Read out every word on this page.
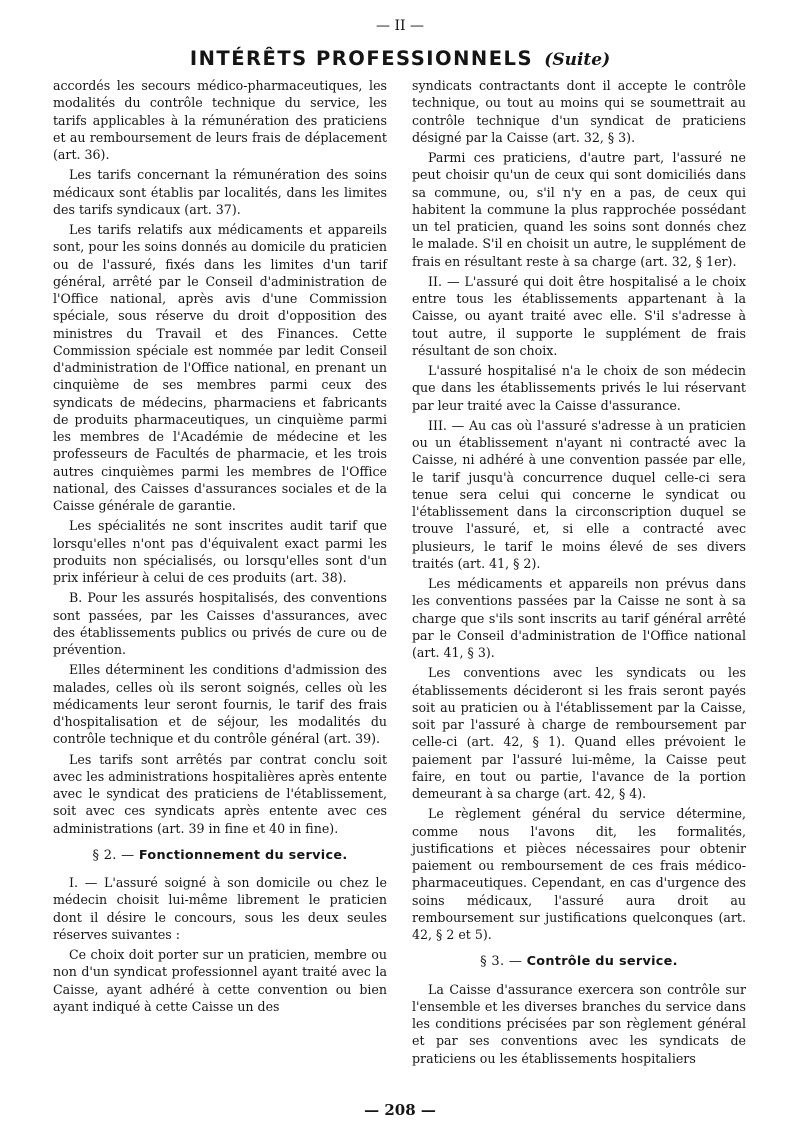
— II —
INTÉRÊTS PROFESSIONNELS (Suite)

accordés les secours médico-pharmaceutiques, les modalités du contrôle technique du service, les tarifs applicables à la rémunération des praticiens et au remboursement de leurs frais de déplacement (art. 36).

Les tarifs concernant la rémunération des soins médicaux sont établis par localités, dans les limites des tarifs syndicaux (art. 37).

Les tarifs relatifs aux médicaments et appareils sont, pour les soins donnés au domicile du praticien ou de l'assuré, fixés dans les limites d'un tarif général, arrêté par le Conseil d'administration de l'Office national, après avis d'une Commission spéciale, sous réserve du droit d'opposition des ministres du Travail et des Finances. Cette Commission spéciale est nommée par ledit Conseil d'administration de l'Office national, en prenant un cinquième de ses membres parmi ceux des syndicats de médecins, pharmaciens et fabricants de produits pharmaceutiques, un cinquième parmi les membres de l'Académie de médecine et les professeurs de Facultés de pharmacie, et les trois autres cinquièmes parmi les membres de l'Office national, des Caisses d'assurances sociales et de la Caisse générale de garantie.

Les spécialités ne sont inscrites audit tarif que lorsqu'elles n'ont pas d'équivalent exact parmi les produits non spécialisés, ou lorsqu'elles sont d'un prix inférieur à celui de ces produits (art. 38).

B. Pour les assurés hospitalisés, des conventions sont passées, par les Caisses d'assurances, avec des établissements publics ou privés de cure ou de prévention.

Elles déterminent les conditions d'admission des malades, celles où ils seront soignés, celles où les médicaments leur seront fournis, le tarif des frais d'hospitalisation et de séjour, les modalités du contrôle technique et du contrôle général (art. 39).

Les tarifs sont arrêtés par contrat conclu soit avec les administrations hospitalières après entente avec le syndicat des praticiens de l'établissement, soit avec ces syndicats après entente avec ces administrations (art. 39 in fine et 40 in fine).

§ 2. — Fonctionnement du service.

I. — L'assuré soigné à son domicile ou chez le médecin choisit lui-même librement le praticien dont il désire le concours, sous les deux seules réserves suivantes :

Ce choix doit porter sur un praticien, membre ou non d'un syndicat professionnel ayant traité avec la Caisse, ayant adhéré à cette convention ou bien ayant indiqué à cette Caisse un des

syndicats contractants dont il accepte le contrôle technique, ou tout au moins qui se soumettrait au contrôle technique d'un syndicat de praticiens désigné par la Caisse (art. 32, § 3).

Parmi ces praticiens, d'autre part, l'assuré ne peut choisir qu'un de ceux qui sont domiciliés dans sa commune, ou, s'il n'y en a pas, de ceux qui habitent la commune la plus rapprochée possédant un tel praticien, quand les soins sont donnés chez le malade. S'il en choisit un autre, le supplément de frais en résultant reste à sa charge (art. 32, § 1er).

II. — L'assuré qui doit être hospitalisé a le choix entre tous les établissements appartenant à la Caisse, ou ayant traité avec elle. S'il s'adresse à tout autre, il supporte le supplément de frais résultant de son choix.

L'assuré hospitalisé n'a le choix de son médecin que dans les établissements privés le lui réservant par leur traité avec la Caisse d'assurance.

III. — Au cas où l'assuré s'adresse à un praticien ou un établissement n'ayant ni contracté avec la Caisse, ni adhéré à une convention passée par elle, le tarif jusqu'à concurrence duquel celle-ci sera tenue sera celui qui concerne le syndicat ou l'établissement dans la circonscription duquel se trouve l'assuré, et, si elle a contracté avec plusieurs, le tarif le moins élevé de ses divers traités (art. 41, § 2).

Les médicaments et appareils non prévus dans les conventions passées par la Caisse ne sont à sa charge que s'ils sont inscrits au tarif général arrêté par le Conseil d'administration de l'Office national (art. 41, § 3).

Les conventions avec les syndicats ou les établissements décideront si les frais seront payés soit au praticien ou à l'établissement par la Caisse, soit par l'assuré à charge de remboursement par celle-ci (art. 42, § 1). Quand elles prévoient le paiement par l'assuré lui-même, la Caisse peut faire, en tout ou partie, l'avance de la portion demeurant à sa charge (art. 42, § 4).

Le règlement général du service détermine, comme nous l'avons dit, les formalités, justifications et pièces nécessaires pour obtenir paiement ou remboursement de ces frais médico-pharmaceutiques. Cependant, en cas d'urgence des soins médicaux, l'assuré aura droit au remboursement sur justifications quelconques (art. 42, § 2 et 5).

§ 3. — Contrôle du service.

La Caisse d'assurance exercera son contrôle sur l'ensemble et les diverses branches du service dans les conditions précisées par son règlement général et par ses conventions avec les syndicats de praticiens ou les établissements hospitaliers

— 208 —
